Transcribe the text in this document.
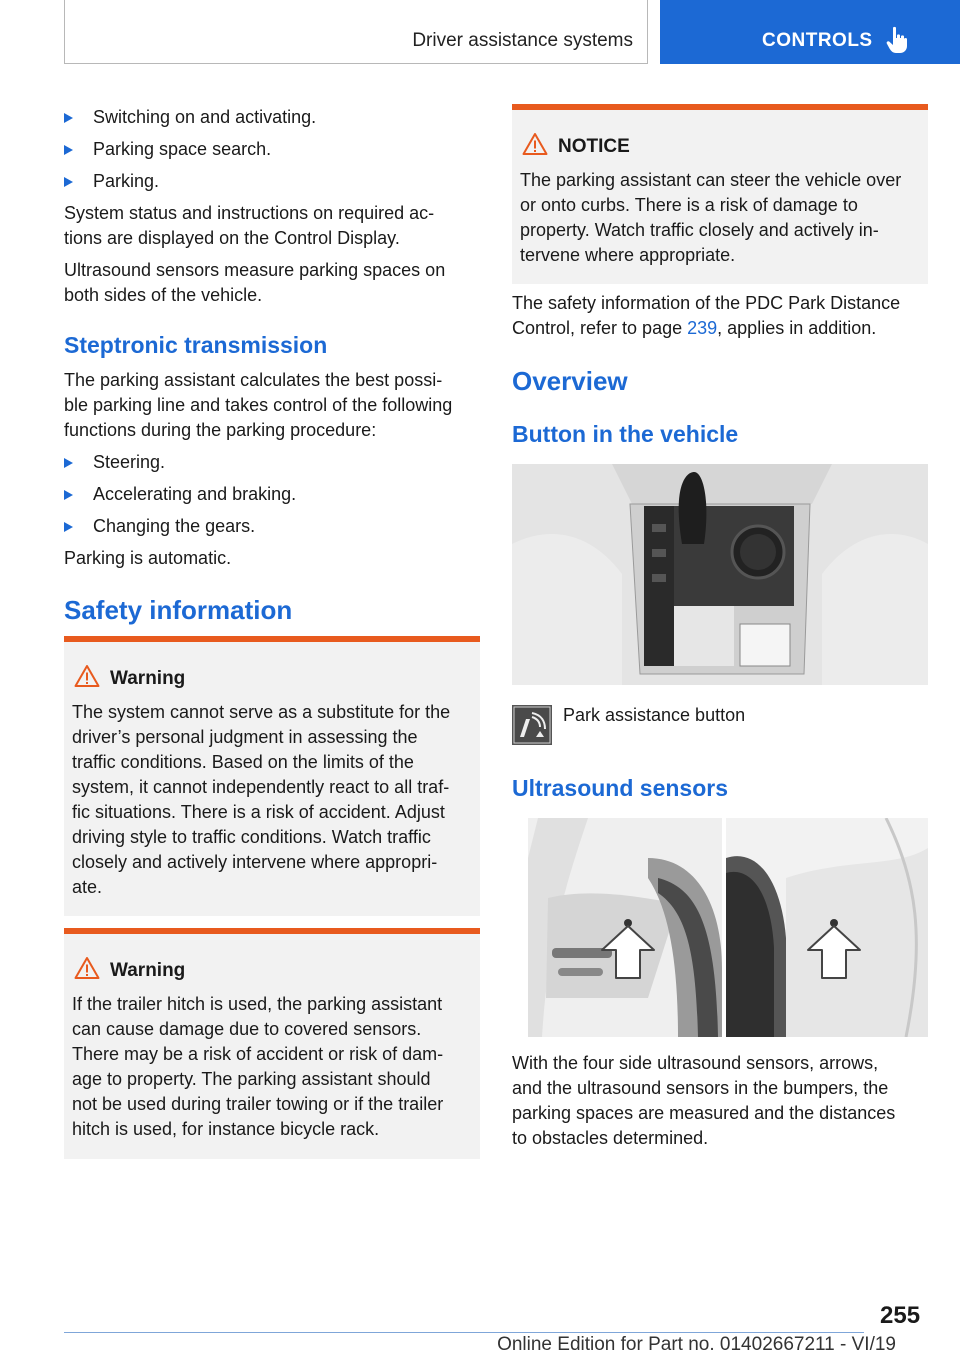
Driver assistance systems	CONTROLS
Switching on and activating.
Parking space search.
Parking.
System status and instructions on required ac‐
tions are displayed on the Control Display.
Ultrasound sensors measure parking spaces on
both sides of the vehicle.
Steptronic transmission
The parking assistant calculates the best possi‐
ble parking line and takes control of the following
functions during the parking procedure:
Steering.
Accelerating and braking.
Changing the gears.
Parking is automatic.
Safety information
Warning
The system cannot serve as a substitute for the
driver’s personal judgment in assessing the
traffic conditions. Based on the limits of the
system, it cannot independently react to all traf‐
fic situations. There is a risk of accident. Adjust
driving style to traffic conditions. Watch traffic
closely and actively intervene where appropri‐
ate.
Warning
If the trailer hitch is used, the parking assistant
can cause damage due to covered sensors.
There may be a risk of accident or risk of dam‐
age to property. The parking assistant should
not be used during trailer towing or if the trailer
hitch is used, for instance bicycle rack.
NOTICE
The parking assistant can steer the vehicle over
or onto curbs. There is a risk of damage to
property. Watch traffic closely and actively in‐
tervene where appropriate.
The safety information of the PDC Park Distance
Control, refer to page 239, applies in addition.
Overview
Button in the vehicle
Park assistance button
Ultrasound sensors
With the four side ultrasound sensors, arrows,
and the ultrasound sensors in the bumpers, the
parking spaces are measured and the distances
to obstacles determined.
255
Online Edition for Part no. 01402667211 - VI/19
